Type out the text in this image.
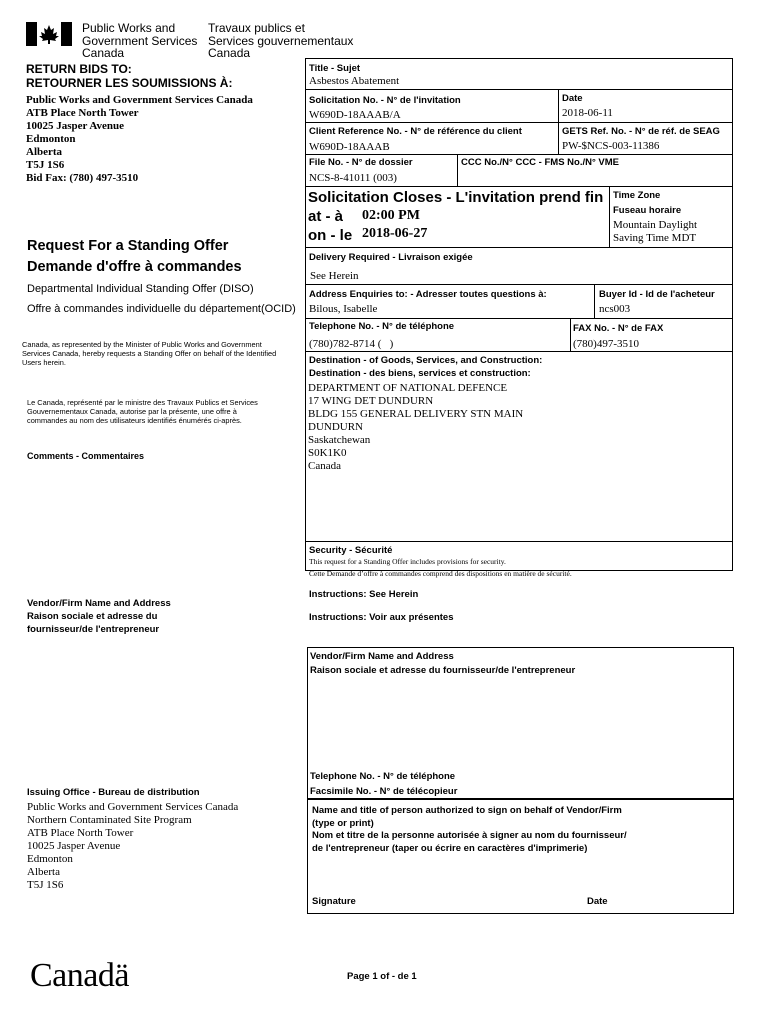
Public Works and
Government Services
Canada
Travaux publics et
Services gouvernementaux
Canada
RETURN BIDS TO:
RETOURNER LES SOUMISSIONS À:
Public Works and Government Services Canada
ATB Place North Tower
10025 Jasper Avenue
Edmonton
Alberta
T5J 1S6
Bid Fax: (780) 497-3510
Request For a Standing Offer
Demande d'offre à commandes
Departmental Individual Standing Offer (DISO)
Offre à commandes individuelle du département(OCID)
Canada, as represented by the Minister of Public Works and Government Services Canada, hereby requests a Standing Offer on behalf of the Identified Users herein.
Le Canada, représenté par le ministre des Travaux Publics et Services Gouvernementaux Canada, autorise par la présente, une offre à commandes au nom des utilisateurs identifiés énumérés ci-après.
Comments - Commentaires
Vendor/Firm Name and Address
Raison sociale et adresse du
fournisseur/de l'entrepreneur
Issuing Office - Bureau de distribution
Public Works and Government Services Canada
Northern Contaminated Site Program
ATB Place North Tower
10025 Jasper Avenue
Edmonton
Alberta
T5J 1S6
Title - Sujet
Asbestos Abatement
Solicitation No. - N° de l'invitation
W690D-18AAAB/A
Date
2018-06-11
Client Reference No. - N° de référence du client
W690D-18AAAB
GETS Ref. No. - N° de réf. de SEAG
PW-$NCS-003-11386
File No. - N° de dossier
NCS-8-41011 (003)
CCC No./N° CCC - FMS No./N° VME
Solicitation Closes - L'invitation prend fin
at - à 02:00 PM
on - le 2018-06-27
Time Zone
Fuseau horaire
Mountain Daylight
Saving Time MDT
Delivery Required - Livraison exigée
See Herein
Address Enquiries to: - Adresser toutes questions à:
Bilous, Isabelle
Buyer Id - Id de l'acheteur
ncs003
Telephone No. - N° de téléphone
(780)782-8714 (   )
FAX No. - N° de FAX
(780)497-3510
Destination - of Goods, Services, and Construction:
Destination - des biens, services et construction:
DEPARTMENT OF NATIONAL DEFENCE
17 WING DET DUNDURN
BLDG 155 GENERAL DELIVERY STN MAIN
DUNDURN
Saskatchewan
S0K1K0
Canada
Security - Sécurité
This request for a Standing Offer includes provisions for security.
Cette Demande d’offre à commandes comprend des dispositions en matière de sécurité.
Instructions: See Herein
Instructions: Voir aux présentes
Vendor/Firm Name and Address
Raison sociale et adresse du fournisseur/de l'entrepreneur
Telephone No. - N° de téléphone
Facsimile No. - N° de télécopieur
Name and title of person authorized to sign on behalf of Vendor/Firm
(type or print)
Nom et titre de la personne autorisée à signer au nom du fournisseur/
de l'entrepreneur (taper ou écrire en caractères d'imprimerie)
Signature	Date
Canadä	Page 1 of - de 1
